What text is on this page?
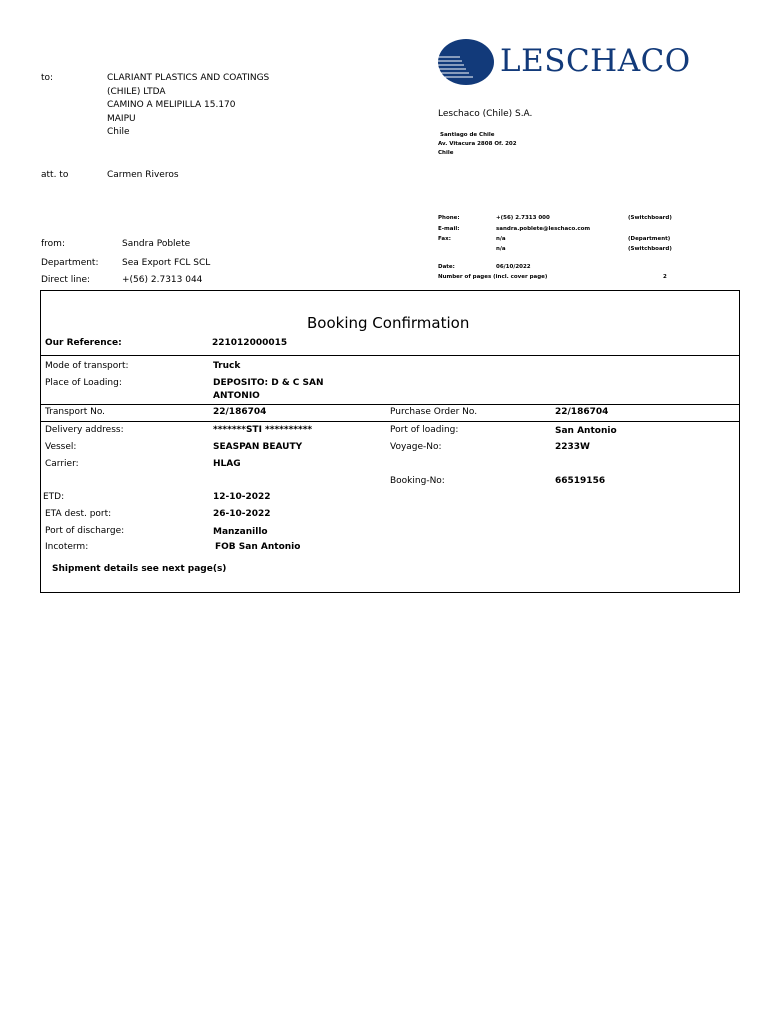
LESCHACO
Leschaco (Chile) S.A.
Santiago de Chile
Av. Vitacura 2808 Of. 202
Chile
Phone:	+(56) 2.7313 000	(Switchboard)
E-mail:	sandra.poblete@leschaco.com
Fax:	n/a	(Department)
n/a	(Switchboard)
Date:	06/10/2022
Number of pages (incl. cover page)	2
to:	CLARIANT PLASTICS AND COATINGS
(CHILE) LTDA
CAMINO A MELIPILLA 15.170
MAIPU
Chile
att. to	Carmen Riveros
from:	Sandra Poblete
Department:	Sea Export FCL SCL
Direct line:	+(56) 2.7313 044
Booking Confirmation
Our Reference:	221012000015
Mode of transport:	Truck
Place of Loading:	DEPOSITO: D & C SAN
ANTONIO
Transport No.	22/186704	Purchase Order No.	22/186704
Delivery address:	*******STI **********	Port of loading:	San Antonio
Vessel:	SEASPAN BEAUTY	Voyage-No:	2233W
Carrier:	HLAG
Booking-No:	66519156
ETD:	12-10-2022
ETA dest. port:	26-10-2022
Port of discharge:	Manzanillo
Incoterm:	FOB San Antonio
Shipment details see next page(s)
